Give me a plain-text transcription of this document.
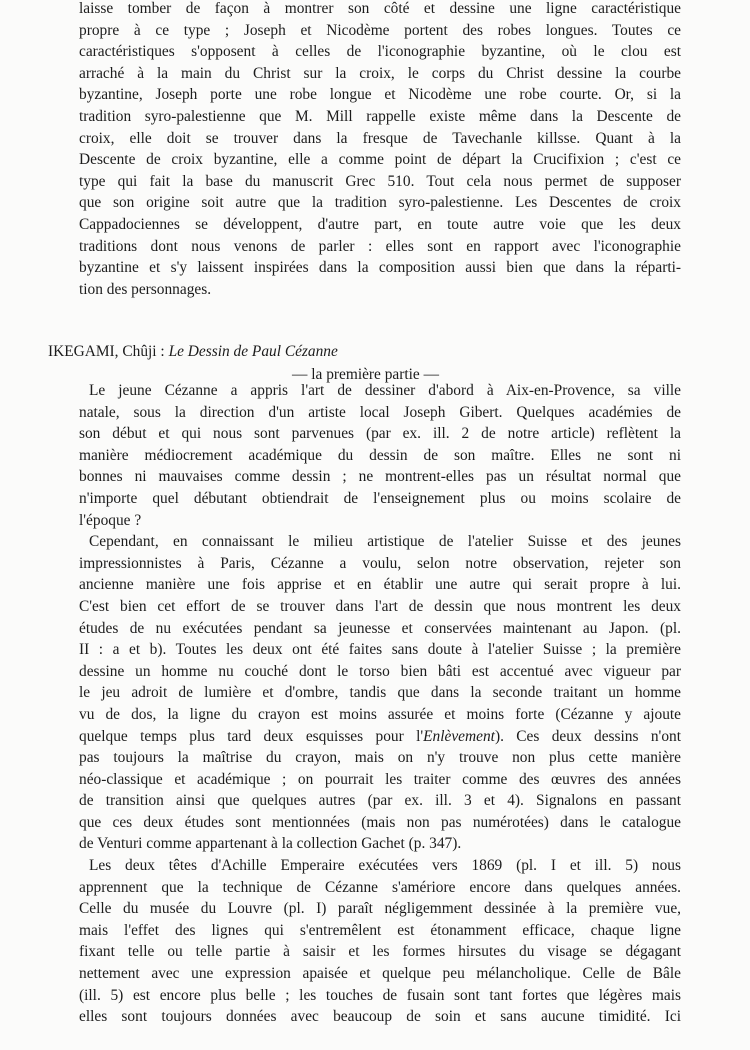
laisse tomber de façon à montrer son côté et dessine une ligne caractéristique
propre à ce type ; Joseph et Nicodème portent des robes longues. Toutes ce
caractéristiques s'opposent à celles de l'iconographie byzantine, où le clou est
arraché à la main du Christ sur la croix, le corps du Christ dessine la courbe
byzantine, Joseph porte une robe longue et Nicodème une robe courte. Or, si la
tradition syro-palestienne que M. Mill rappelle existe même dans la Descente de
croix, elle doit se trouver dans la fresque de Tavechanle killsse. Quant à la
Descente de croix byzantine, elle a comme point de départ la Crucifixion ; c'est ce
type qui fait la base du manuscrit Grec 510. Tout cela nous permet de supposer
que son origine soit autre que la tradition syro-palestienne. Les Descentes de croix
Cappadociennes se développent, d'autre part, en toute autre voie que les deux
traditions dont nous venons de parler : elles sont en rapport avec l'iconographie
byzantine et s'y laissent inspirées dans la composition aussi bien que dans la réparti-
tion des personnages.
IKEGAMI, Chûji : Le Dessin de Paul Cézanne
— la première partie —
Le jeune Cézanne a appris l'art de dessiner d'abord à Aix-en-Provence, sa ville
natale, sous la direction d'un artiste local Joseph Gibert. Quelques académies de
son début et qui nous sont parvenues (par ex. ill. 2 de notre article) reflètent la
manière médiocrement académique du dessin de son maître. Elles ne sont ni
bonnes ni mauvaises comme dessin ; ne montrent-elles pas un résultat normal que
n'importe quel débutant obtiendrait de l'enseignement plus ou moins scolaire de
l'époque ?
Cependant, en connaissant le milieu artistique de l'atelier Suisse et des jeunes
impressionnistes à Paris, Cézanne a voulu, selon notre observation, rejeter son
ancienne manière une fois apprise et en établir une autre qui serait propre à lui.
C'est bien cet effort de se trouver dans l'art de dessin que nous montrent les deux
études de nu exécutées pendant sa jeunesse et conservées maintenant au Japon. (pl.
II : a et b). Toutes les deux ont été faites sans doute à l'atelier Suisse ; la première
dessine un homme nu couché dont le torso bien bâti est accentué avec vigueur par
le jeu adroit de lumière et d'ombre, tandis que dans la seconde traitant un homme
vu de dos, la ligne du crayon est moins assurée et moins forte (Cézanne y ajoute
quelque temps plus tard deux esquisses pour l'Enlèvement). Ces deux dessins n'ont
pas toujours la maîtrise du crayon, mais on n'y trouve non plus cette manière
néo-classique et académique ; on pourrait les traiter comme des œuvres des années
de transition ainsi que quelques autres (par ex. ill. 3 et 4). Signalons en passant
que ces deux études sont mentionnées (mais non pas numérotées) dans le catalogue
de Venturi comme appartenant à la collection Gachet (p. 347).
Les deux têtes d'Achille Emperaire exécutées vers 1869 (pl. I et ill. 5) nous
apprennent que la technique de Cézanne s'amériore encore dans quelques années.
Celle du musée du Louvre (pl. I) paraît négligemment dessinée à la première vue,
mais l'effet des lignes qui s'entremêlent est étonamment efficace, chaque ligne
fixant telle ou telle partie à saisir et les formes hirsutes du visage se dégagant
nettement avec une expression apaisée et quelque peu mélancholique. Celle de Bâle
(ill. 5) est encore plus belle ; les touches de fusain sont tant fortes que légères mais
elles sont toujours données avec beaucoup de soin et sans aucune timidité. Ici
